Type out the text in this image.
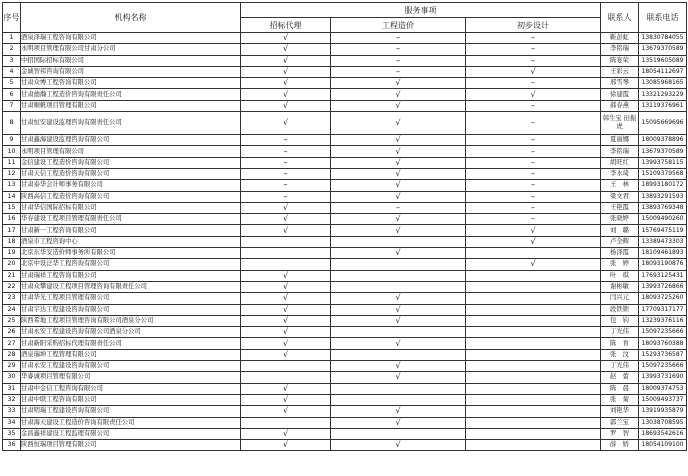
序号	机构名称	服务事项			联系人	联系电话
		招标代理	工程造价	初步设计		
1	酒泉泽瑞工程咨询有限公司	√	–	–	靳彭虹	13830784055
2	永明项目管理有限公司甘肃分公司	√	–	–	李铭瑞	13679370589
3	中招国际招标有限公司	√	–	–	陈宴荣	13519605089
4	金诚智邦咨询有限公司	√	–	√	王彩云	18054112697
5	甘肃众博工程咨询有限公司	√	√	–	邢雪琴	13085968165
6	甘肃德瀚工程造价咨询有限责任公司	√	√	√	徐建霞	13321293229
7	甘肃顺帆项目管理有限公司	√	√	–	郝春燕	13119376961
8	甘肃恒安建设监理咨询有限责任公司	√	√	–	韩生宝 田振虎	15095669696
9	甘肃鑫海建设监理咨询有限公司	–	√	–	夏丽娜	18009378896
10	永明项目管理有限公司	–	√	–	李铭瑞	13679370589
11	金信建设工程造价咨询有限公司	–	√	–	胡旺红	13993758115
12	甘肃天信工程造价咨询有限公司	–	√	–	李水琦	15109379568
13	甘肃泰华会计师事务有限公司	–	√	–	王　林	18993180172
14	陕西高信工程造价咨询有限公司	–	√	–	梁文君	13893291593
15	甘肃华信国际招标有限公司	√	–	–	王艳霞	13893769348
16	华春建设工程项目管理有限责任公司	√	√	–	张晓婷	15009490260
17	甘肃新一工程咨询有限公司	√	√	√	刘　璐	15769475119
18	酒泉市工程咨询中心			√	卢全辉	13389473303
19	北京东华安造价师事务所有限公司		√		杨泽霞	18109461893
20	北京中设泛华工程咨询有限公司			√	张　婷	18093190876
21	甘肃瑞祥工程咨询有限公司	√			叶　琪	17693125431
22	甘肃众攀建设工程项目管理咨询有限责任公司	√			谢彬敏	13993726866
23	甘肃华光工程项目管理有限公司	√	√		闫兴元	18093725260
24	甘肃宇达工程建设咨询有限公司	√	√		段铁锁	17709317177
25	陕西希地工程项目管理咨询有限公司酒泉分公司	√	√		包　钧	13239376116
26	甘肃永安工程建设咨询有限公司酒泉分公司	√			丁光伟	15097235666
27	甘肃新阳采购招标代理有限责任公司	√	√		陈　育	18093760388
28	酒泉瑞坤工程管理有限公司	√			张　汶	15293736587
29	甘肃永安工程建设咨询有限公司		√		丁光伟	15097235666
30	华睿诚项目管理有限公司		√		赵　蕾	13993731690
31	甘肃中金信工程咨询有限公司	√			陈　晨	18009374753
32	甘肃中联工程咨询有限公司	√			张　菊	15009493737
33	甘肃明瑞工程建设咨询有限公司	√	√		刘艳华	13919935879
34	甘肃海天建设工程造价咨询有限责任公司		√		郭兰宝	13038708595
35	金昌鑫祥建设工程监理有限公司	√			罗　智	18693542616
36	陕西恒瑞项目管理有限公司	√	√		薛　娇	18054109100
